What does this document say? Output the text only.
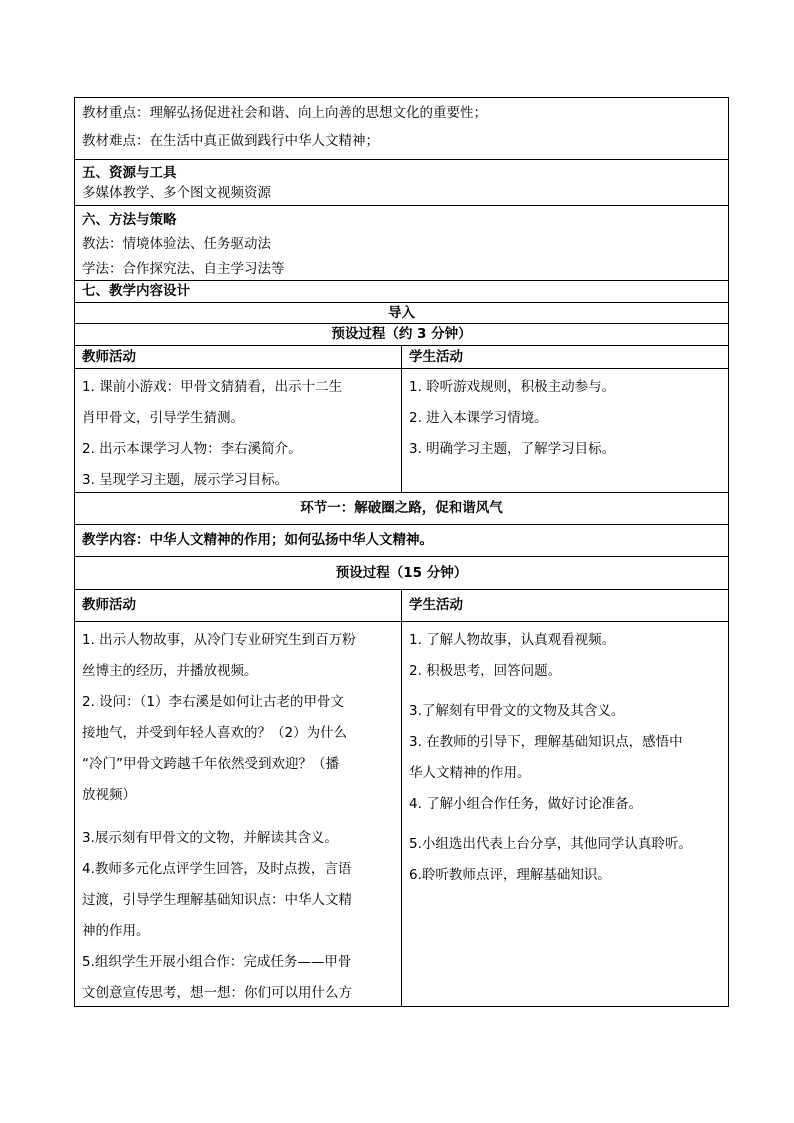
教材重点：理解弘扬促进社会和谐、向上向善的思想文化的重要性；

教材难点：在生活中真正做到践行中华人文精神；

五、资源与工具

多媒体教学、多个图文视频资源

六、方法与策略

教法：情境体验法、任务驱动法

学法：合作探究法、自主学习法等

七、教学内容设计
导入
预设过程（约 3 分钟）
教师活动	学生活动
1. 课前小游戏：甲骨文猜猜看，出示十二生
肖甲骨文，引导学生猜测。
2. 出示本课学习人物：李右溪简介。
3. 呈现学习主题，展示学习目标。
1. 聆听游戏规则，积极主动参与。
2. 进入本课学习情境。
3. 明确学习主题，了解学习目标。
环节一：解破圈之路，促和谐风气
教学内容：中华人文精神的作用；如何弘扬中华人文精神。
预设过程（15 分钟）
教师活动	学生活动
1. 出示人物故事，从冷门专业研究生到百万粉
丝博主的经历，并播放视频。
2. 设问：（1）李右溪是如何让古老的甲骨文
接地气，并受到年轻人喜欢的？（2）为什么
“冷门”甲骨文跨越千年依然受到欢迎？（播
放视频）
3.展示刻有甲骨文的文物，并解读其含义。
4.教师多元化点评学生回答，及时点拨，言语
过渡，引导学生理解基础知识点：中华人文精
神的作用。
5.组织学生开展小组合作：完成任务——甲骨
文创意宣传思考，想一想：你们可以用什么方
1. 了解人物故事，认真观看视频。
2. 积极思考，回答问题。
3.了解刻有甲骨文的文物及其含义。
3. 在教师的引导下，理解基础知识点，感悟中
华人文精神的作用。
4. 了解小组合作任务，做好讨论准备。
5.小组选出代表上台分享，其他同学认真聆听。
6.聆听教师点评，理解基础知识。
